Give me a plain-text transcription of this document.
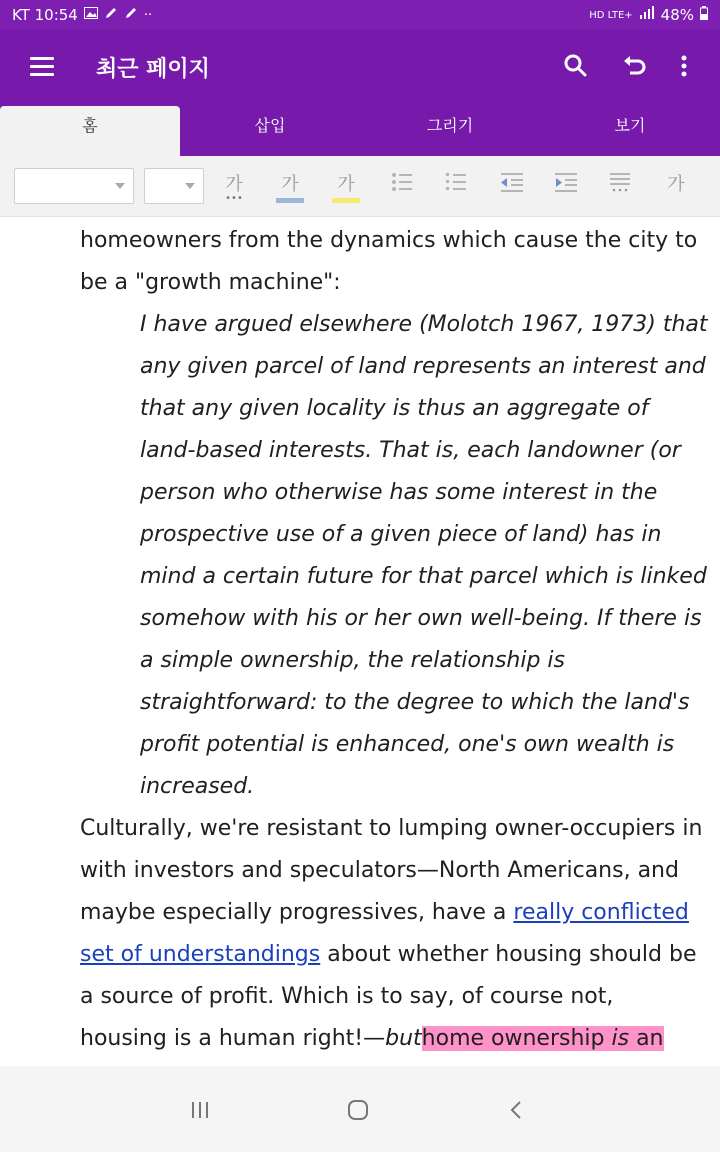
KT 10:54	··	HD LTE+ 48%
최근 페이지
홈	삽입	그리기	보기
가
•••
가	가	가
homeowners from the dynamics which cause the city to
be a "growth machine":
I have argued elsewhere (Molotch 1967, 1973) that
any given parcel of land represents an interest and
that any given locality is thus an aggregate of
land-based interests. That is, each landowner (or
person who otherwise has some interest in the
prospective use of a given piece of land) has in
mind a certain future for that parcel which is linked
somehow with his or her own well-being. If there is
a simple ownership, the relationship is
straightforward: to the degree to which the land's
profit potential is enhanced, one's own wealth is
increased.
Culturally, we're resistant to lumping owner-occupiers in
with investors and speculators—North Americans, and
maybe especially progressives, have a really conflicted
set of understandings about whether housing should be
a source of profit. Which is to say, of course not,
housing is a human right!—buthome ownership is an
